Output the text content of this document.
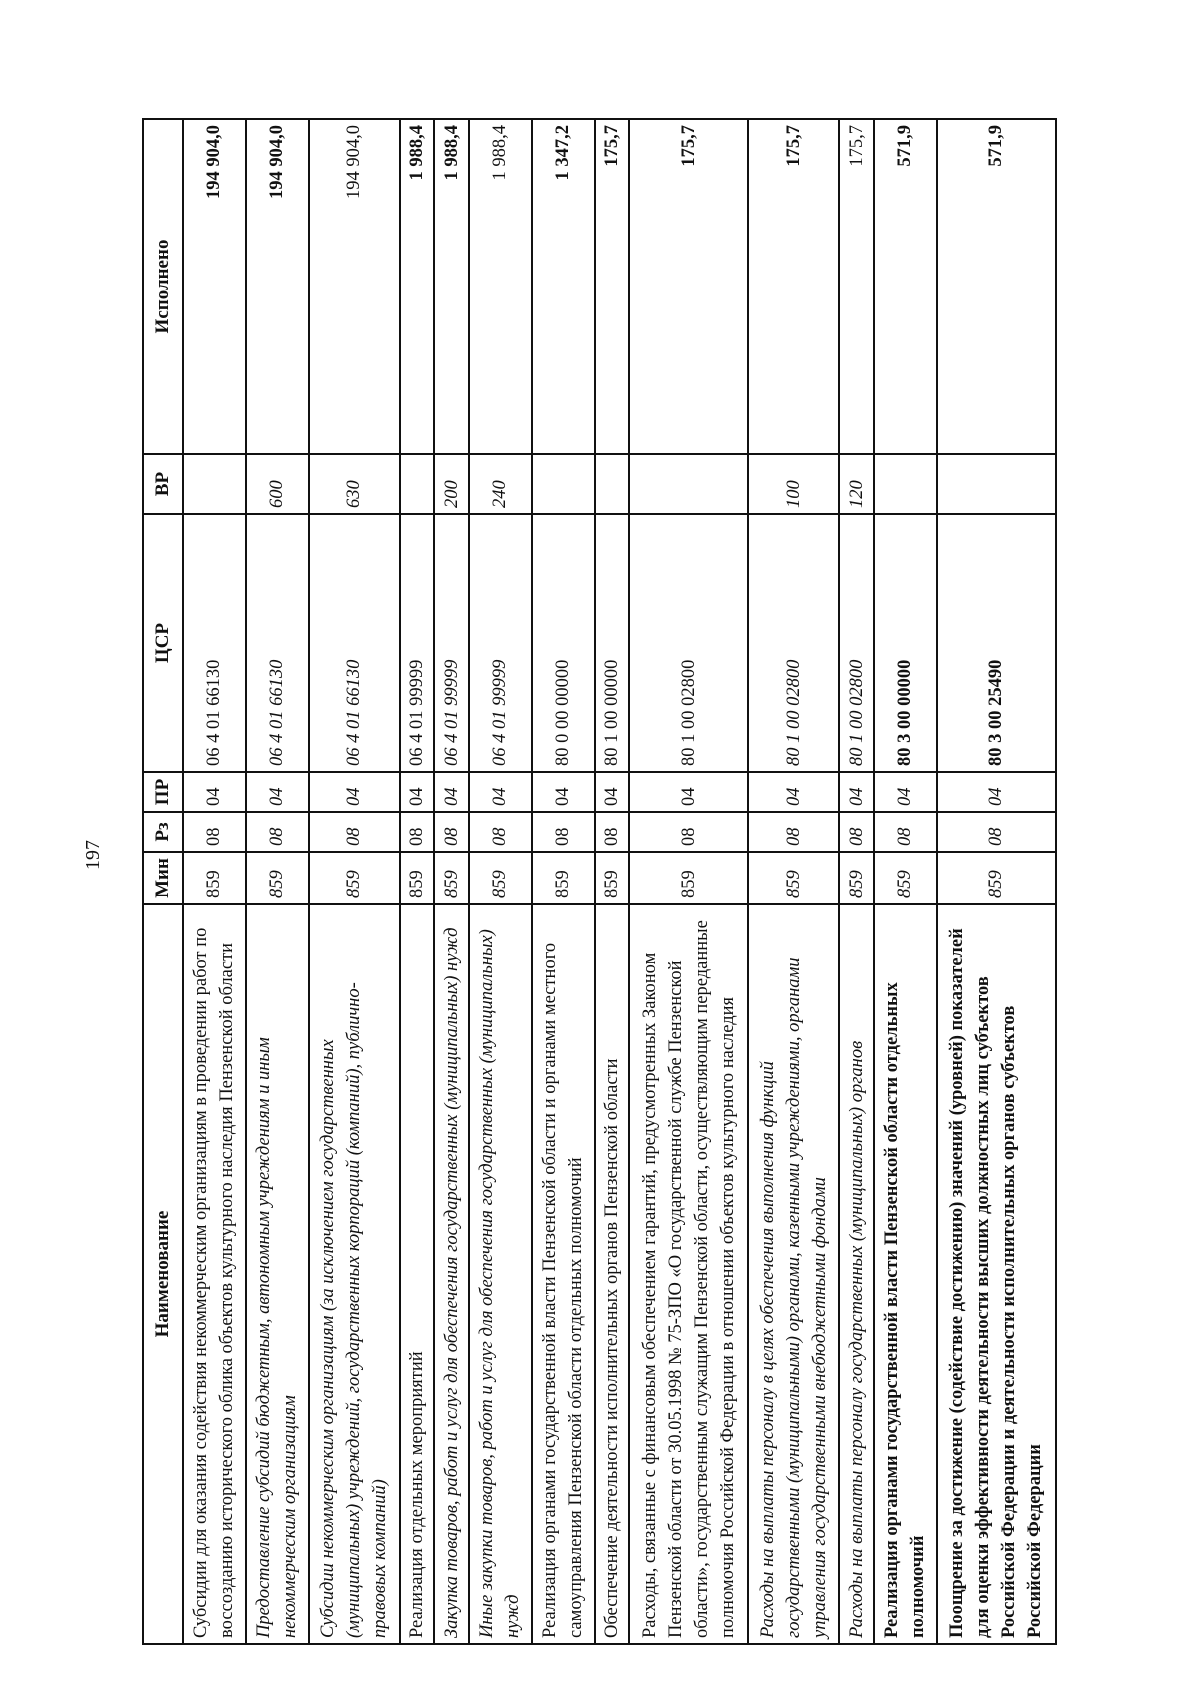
197
Наименование	Мин	Рз	ПР	ЦСР	ВР	Исполнено
Субсидии для оказания содействия некоммерческим организациям в проведении работ по воссозданию исторического облика объектов культурного наследия Пензенской области	859	08	04	06 4 01 66130		194 904,0
Предоставление субсидий бюджетным, автономным учреждениям и иным некоммерческим организациям	859	08	04	06 4 01 66130	600	194 904,0
Субсидии некоммерческим организациям (за исключением государственных (муниципальных) учреждений, государственных корпораций (компаний), публично-правовых компаний)	859	08	04	06 4 01 66130	630	194 904,0
Реализация отдельных мероприятий	859	08	04	06 4 01 99999		1 988,4
Закупка товаров, работ и услуг для обеспечения государственных (муниципальных) нужд	859	08	04	06 4 01 99999	200	1 988,4
Иные закупки товаров, работ и услуг для обеспечения государственных (муниципальных) нужд	859	08	04	06 4 01 99999	240	1 988,4
Реализация органами государственной власти Пензенской области и органами местного самоуправления Пензенской области отдельных полномочий	859	08	04	80 0 00 00000		1 347,2
Обеспечение деятельности исполнительных органов Пензенской области	859	08	04	80 1 00 00000		175,7
Расходы, связанные с финансовым обеспечением гарантий, предусмотренных Законом Пензенской области от 30.05.1998 № 75-ЗПО «О государственной службе Пензенской области», государственным служащим Пензенской области, осуществляющим переданные полномочия Российской Федерации в отношении объектов культурного наследия	859	08	04	80 1 00 02800		175,7
Расходы на выплаты персоналу в целях обеспечения выполнения функций государственными (муниципальными) органами, казенными учреждениями, органами управления государственными внебюджетными фондами	859	08	04	80 1 00 02800	100	175,7
Расходы на выплаты персоналу государственных (муниципальных) органов	859	08	04	80 1 00 02800	120	175,7
Реализация органами государственной власти Пензенской области отдельных полномочий	859	08	04	80 3 00 00000		571,9
Поощрение за достижение (содействие достижению) значений (уровней) показателей для оценки эффективности деятельности высших должностных лиц субъектов Российской Федерации и деятельности исполнительных органов субъектов Российской Федерации	859	08	04	80 3 00 25490		571,9
